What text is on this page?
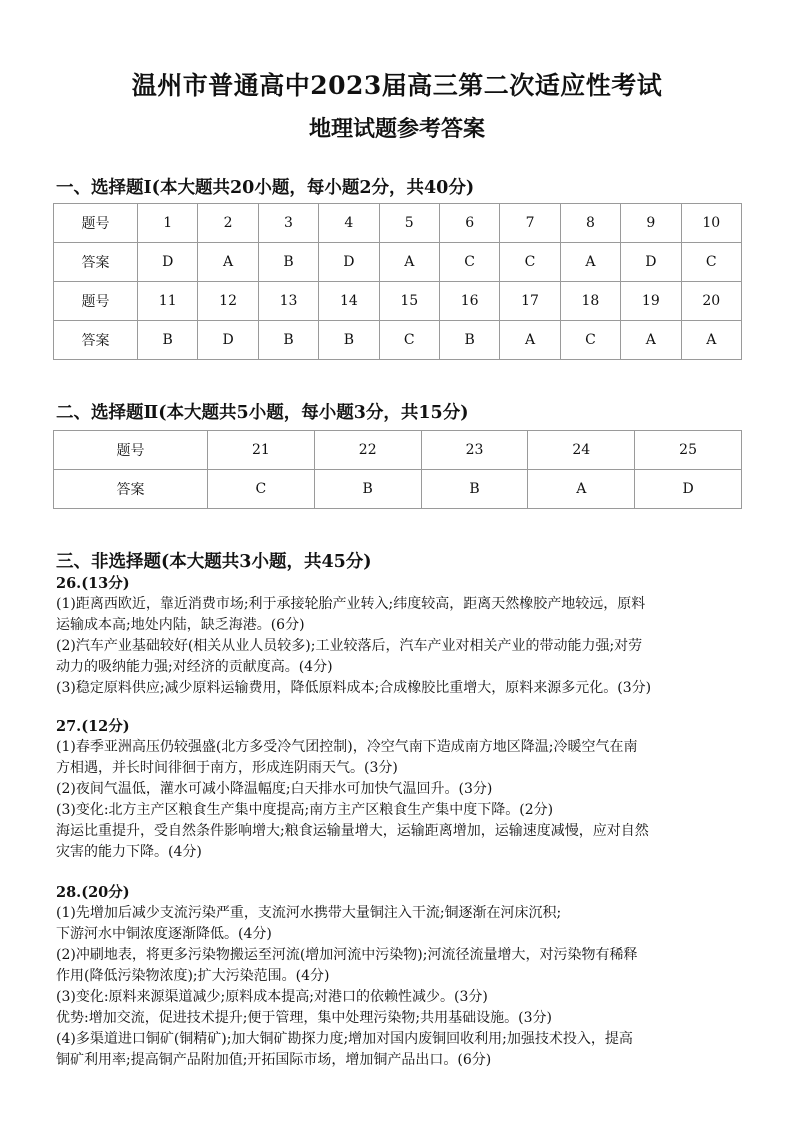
温州市普通高中2023届高三第二次适应性考试
地理试题参考答案
一、选择题Ⅰ(本大题共20小题，每小题2分，共40分)
题号	1	2	3	4	5	6	7	8	9	10
答案	D	A	B	D	A	C	C	A	D	C
题号	11	12	13	14	15	16	17	18	19	20
答案	B	D	B	B	C	B	A	C	A	A
二、选择题Ⅱ(本大题共5小题，每小题3分，共15分)
题号	21	22	23	24	25
答案	C	B	B	A	D
三、非选择题(本大题共3小题，共45分)
26.(13分)
(1)距离西欧近，靠近消费市场;利于承接轮胎产业转入;纬度较高，距离天然橡胶产地较远，原料
运输成本高;地处内陆，缺乏海港。(6分)
(2)汽车产业基础较好(相关从业人员较多);工业较落后，汽车产业对相关产业的带动能力强;对劳
动力的吸纳能力强;对经济的贡献度高。(4分)
(3)稳定原料供应;减少原料运输费用，降低原料成本;合成橡胶比重增大，原料来源多元化。(3分)
27.(12分)
(1)春季亚洲高压仍较强盛(北方多受冷气团控制)，冷空气南下造成南方地区降温;冷暖空气在南
方相遇，并长时间徘徊于南方，形成连阴雨天气。(3分)
(2)夜间气温低，灌水可减小降温幅度;白天排水可加快气温回升。(3分)
(3)变化:北方主产区粮食生产集中度提高;南方主产区粮食生产集中度下降。(2分)
海运比重提升，受自然条件影响增大;粮食运输量增大，运输距离增加，运输速度减慢，应对自然
灾害的能力下降。(4分)
28.(20分)
(1)先增加后减少支流污染严重，支流河水携带大量铜注入干流;铜逐渐在河床沉积;
下游河水中铜浓度逐渐降低。(4分)
(2)冲刷地表，将更多污染物搬运至河流(增加河流中污染物);河流径流量增大，对污染物有稀释
作用(降低污染物浓度);扩大污染范围。(4分)
(3)变化:原料来源渠道减少;原料成本提高;对港口的依赖性减少。(3分)
优势:增加交流，促进技术提升;便于管理，集中处理污染物;共用基础设施。(3分)
(4)多渠道进口铜矿(铜精矿);加大铜矿勘探力度;增加对国内废铜回收利用;加强技术投入，提高
铜矿利用率;提高铜产品附加值;开拓国际市场，增加铜产品出口。(6分)
